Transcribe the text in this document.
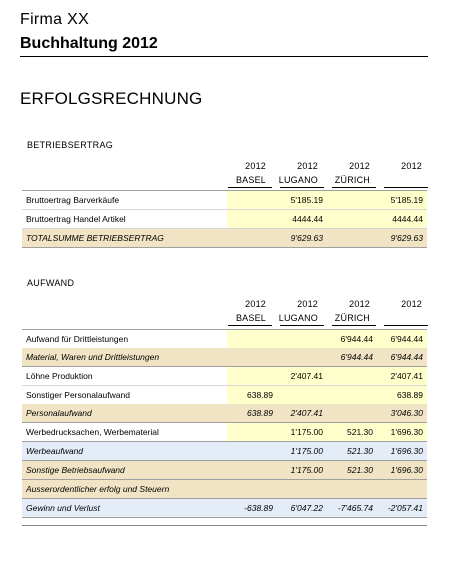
Firma XX
Buchhaltung 2012
ERFOLGSRECHNUNG
BETRIEBSERTRAG
2012	2012	2012	2012
BASEL	LUGANO	ZÜRICH
Bruttoertrag Barverkäufe		5'185.19		5'185.19
Bruttoertrag Handel Artikel		4444.44		4444.44
TOTALSUMME BETRIEBSERTRAG		9'629.63		9'629.63
AUFWAND
2012	2012	2012	2012
BASEL	LUGANO	ZÜRICH
Aufwand für Drittleistungen			6'944.44	6'944.44
Material, Waren und Drittleistungen			6'944.44	6'944.44
Löhne Produktion		2'407.41		2'407.41
Sonstiger Personalaufwand	638.89			638.89
Personalaufwand	638.89	2'407.41		3'046.30
Werbedrucksachen, Werbematerial		1'175.00	521.30	1'696.30
Werbeaufwand		1'175.00	521.30	1'696.30
Sonstige Betriebsaufwand		1'175.00	521.30	1'696.30
Ausserordentlicher erfolg und Steuern				
Gewinn und Verlust	-638.89	6'047.22	-7'465.74	-2'057.41
